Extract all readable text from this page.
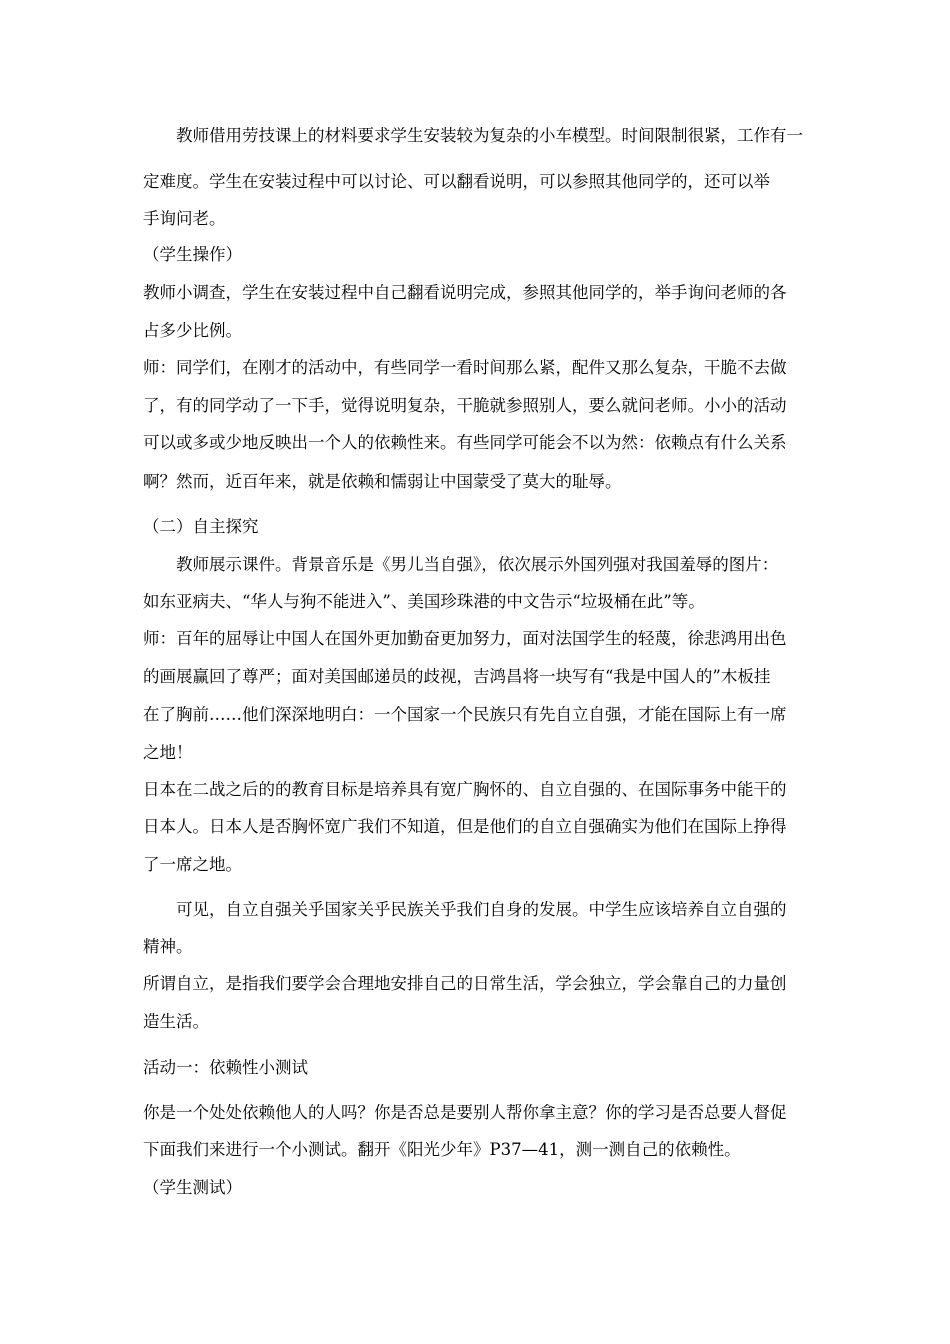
　　教师借用劳技课上的材料要求学生安装较为复杂的小车模型。时间限制很紧，工作有一

定难度。学生在安装过程中可以讨论、可以翻看说明，可以参照其他同学的，还可以举

手询问老。

（学生操作）

教师小调查，学生在安装过程中自己翻看说明完成，参照其他同学的，举手询问老师的各

占多少比例。

师：同学们，在刚才的活动中，有些同学一看时间那么紧，配件又那么复杂，干脆不去做

了，有的同学动了一下手，觉得说明复杂，干脆就参照别人，要么就问老师。小小的活动

可以或多或少地反映出一个人的依赖性来。有些同学可能会不以为然：依赖点有什么关系

啊？然而，近百年来，就是依赖和懦弱让中国蒙受了莫大的耻辱。

（二）自主探究

　　教师展示课件。背景音乐是《男儿当自强》，依次展示外国列强对我国羞辱的图片：

如东亚病夫、“华人与狗不能进入”、美国珍珠港的中文告示“垃圾桶在此”等。

师：百年的屈辱让中国人在国外更加勤奋更加努力，面对法国学生的轻蔑，徐悲鸿用出色

的画展赢回了尊严；面对美国邮递员的歧视，吉鸿昌将一块写有“我是中国人的”木板挂

在了胸前……他们深深地明白：一个国家一个民族只有先自立自强，才能在国际上有一席

之地！

日本在二战之后的的教育目标是培养具有宽广胸怀的、自立自强的、在国际事务中能干的

日本人。日本人是否胸怀宽广我们不知道，但是他们的自立自强确实为他们在国际上挣得

了一席之地。

　　可见，自立自强关乎国家关乎民族关乎我们自身的发展。中学生应该培养自立自强的

精神。

所谓自立，是指我们要学会合理地安排自己的日常生活，学会独立，学会靠自己的力量创

造生活。

活动一：依赖性小测试

你是一个处处依赖他人的人吗？你是否总是要别人帮你拿主意？你的学习是否总要人督促

下面我们来进行一个小测试。翻开《阳光少年》P37—41，测一测自己的依赖性。

（学生测试）
